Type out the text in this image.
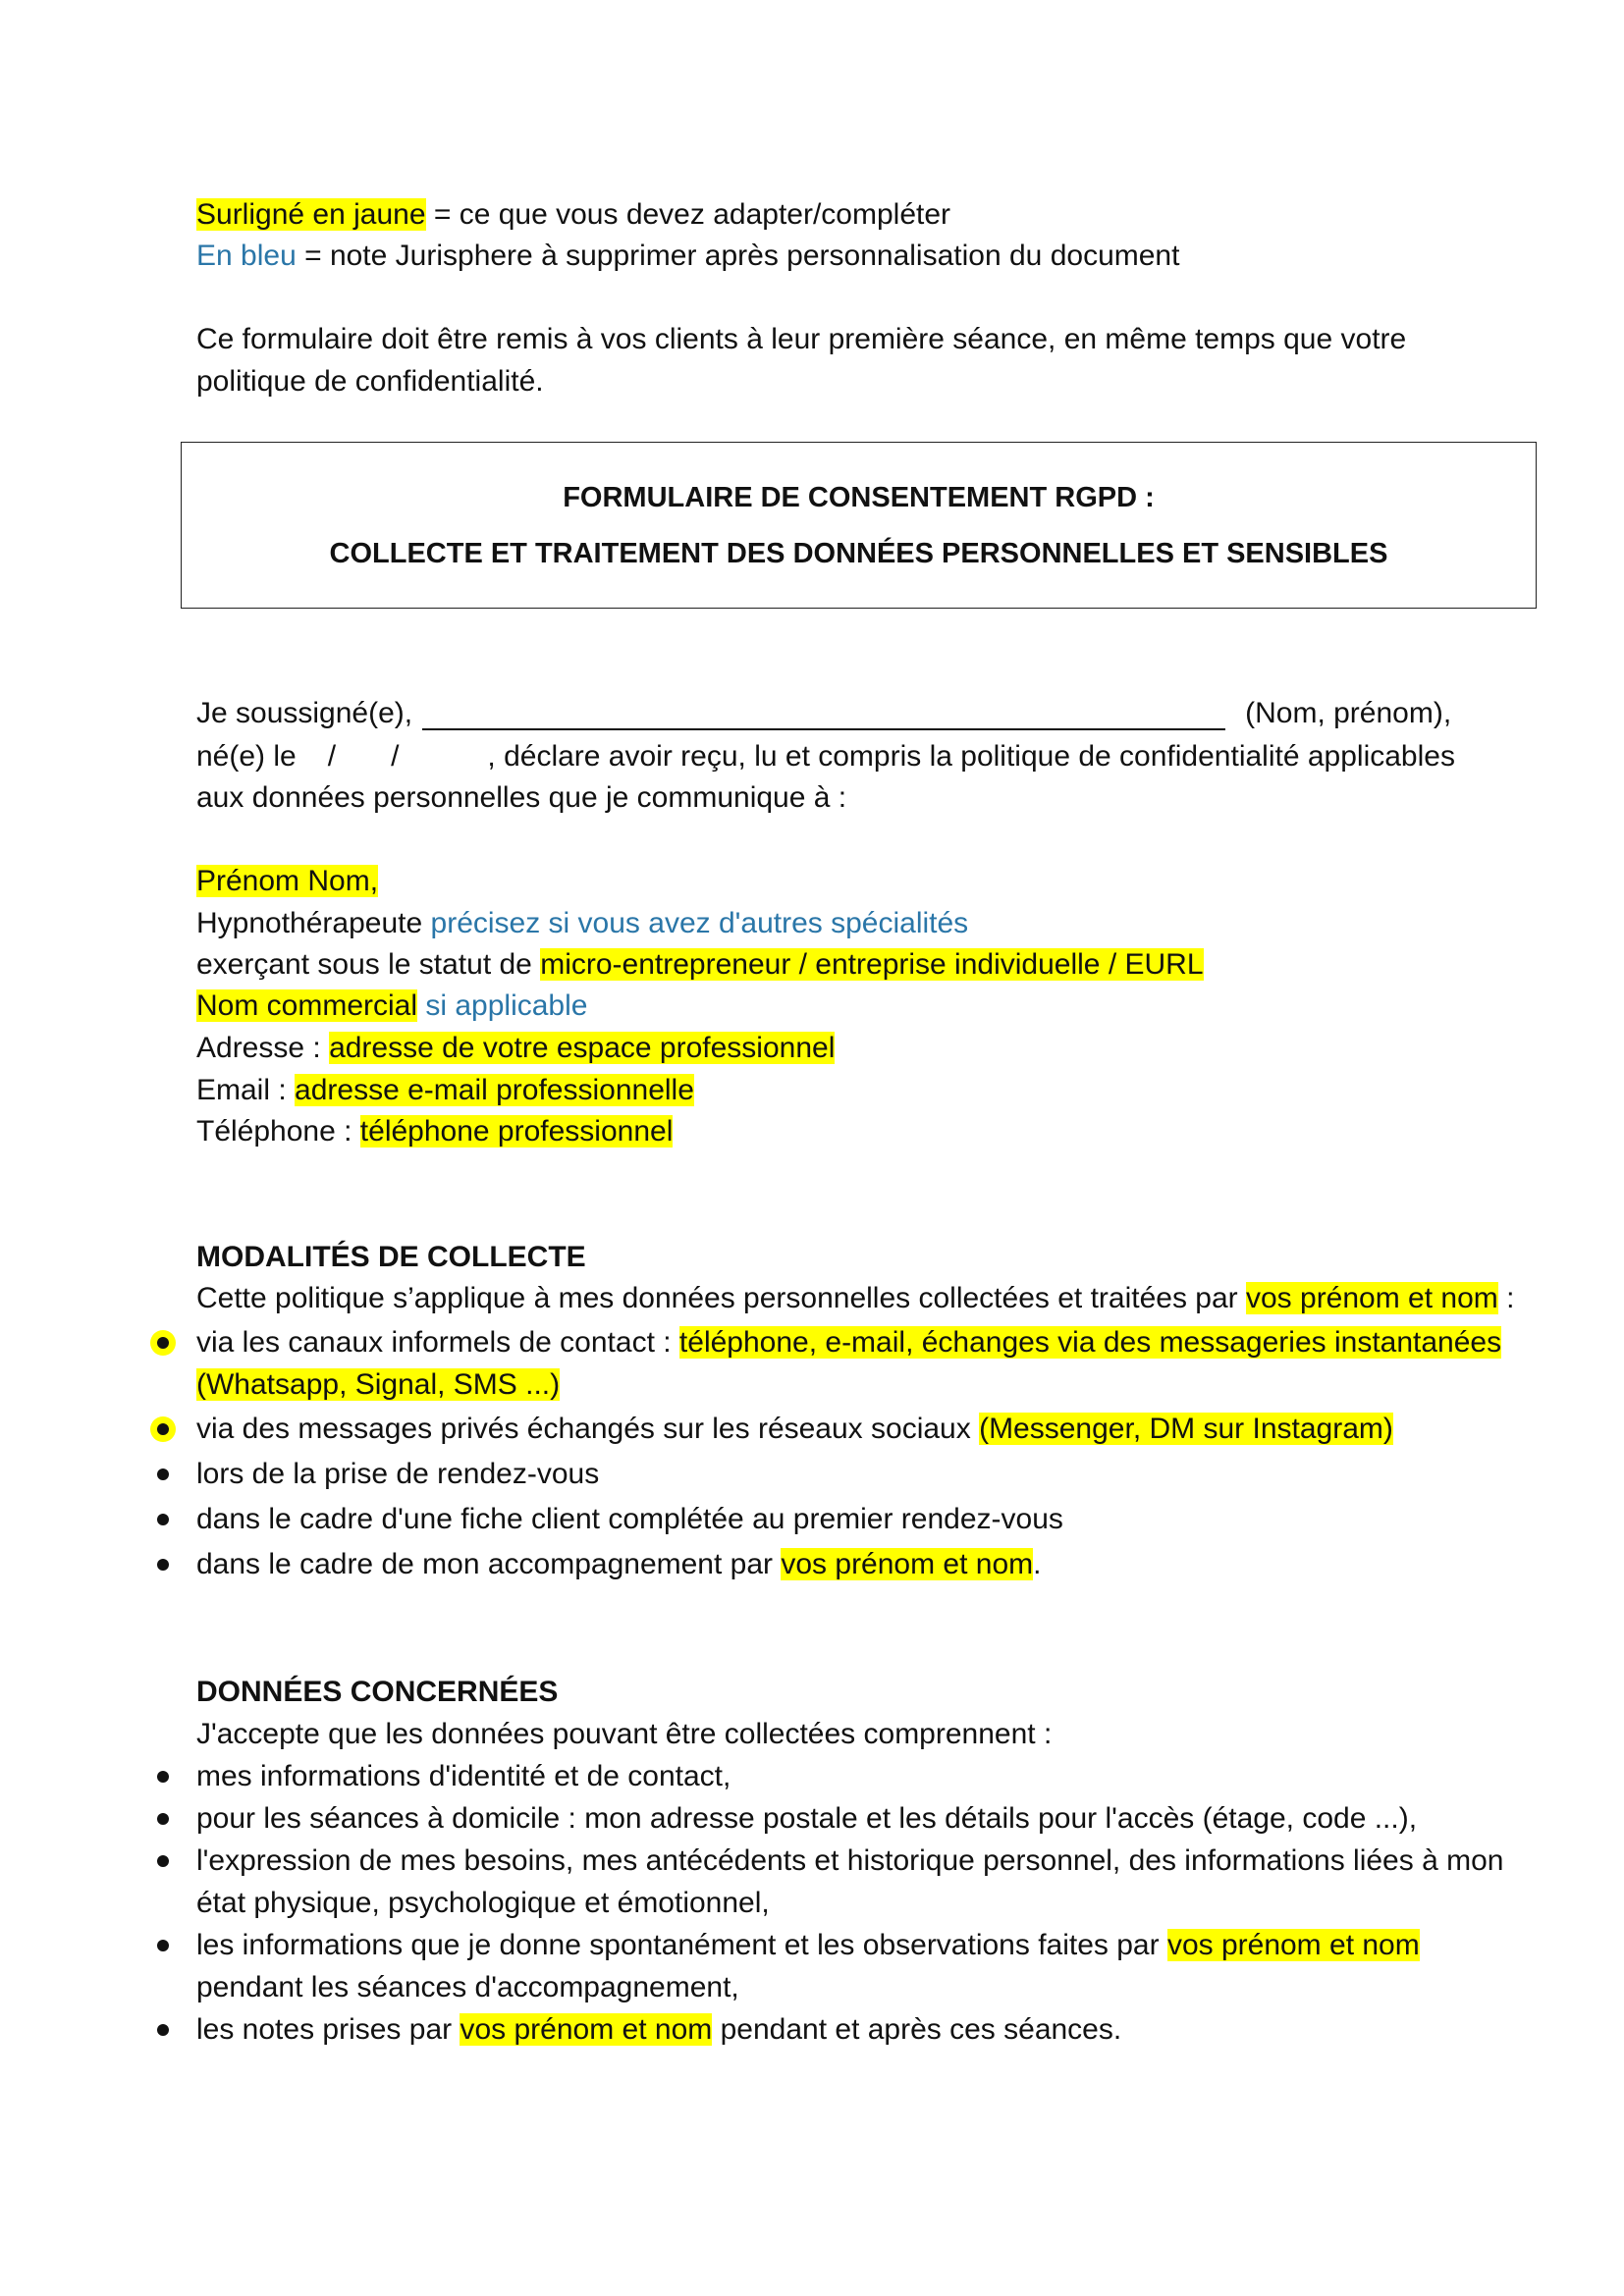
Surligné en jaune = ce que vous devez adapter/compléter

En bleu = note Jurisphere à supprimer après personnalisation du document

Ce formulaire doit être remis à vos clients à leur première séance, en même temps que votre

politique de confidentialité.

FORMULAIRE DE CONSENTEMENT RGPD :
COLLECTE ET TRAITEMENT DES DONNÉES PERSONNELLES ET SENSIBLES

Je soussigné(e),	(Nom, prénom),

né(e) le / /	, déclare avoir reçu, lu et compris la politique de confidentialité applicables

aux données personnelles que je communique à :

Prénom Nom,

Hypnothérapeute précisez si vous avez d'autres spécialités

exerçant sous le statut de micro-entrepreneur / entreprise individuelle / EURL

Nom commercial si applicable

Adresse : adresse de votre espace professionnel

Email : adresse e-mail professionnelle

Téléphone : téléphone professionnel

MODALITÉS DE COLLECTE

Cette politique s’applique à mes données personnelles collectées et traitées par vos prénom et nom :

via les canaux informels de contact : téléphone, e-mail, échanges via des messageries instantanées

(Whatsapp, Signal, SMS ...)

via des messages privés échangés sur les réseaux sociaux (Messenger, DM sur Instagram)

lors de la prise de rendez-vous

dans le cadre d'une fiche client complétée au premier rendez-vous

dans le cadre de mon accompagnement par vos prénom et nom.

DONNÉES CONCERNÉES

J'accepte que les données pouvant être collectées comprennent :

mes informations d'identité et de contact,

pour les séances à domicile : mon adresse postale et les détails pour l'accès (étage, code ...),

l'expression de mes besoins, mes antécédents et historique personnel, des informations liées à mon

état physique, psychologique et émotionnel,

les informations que je donne spontanément et les observations faites par vos prénom et nom

pendant les séances d'accompagnement,

les notes prises par vos prénom et nom pendant et après ces séances.
